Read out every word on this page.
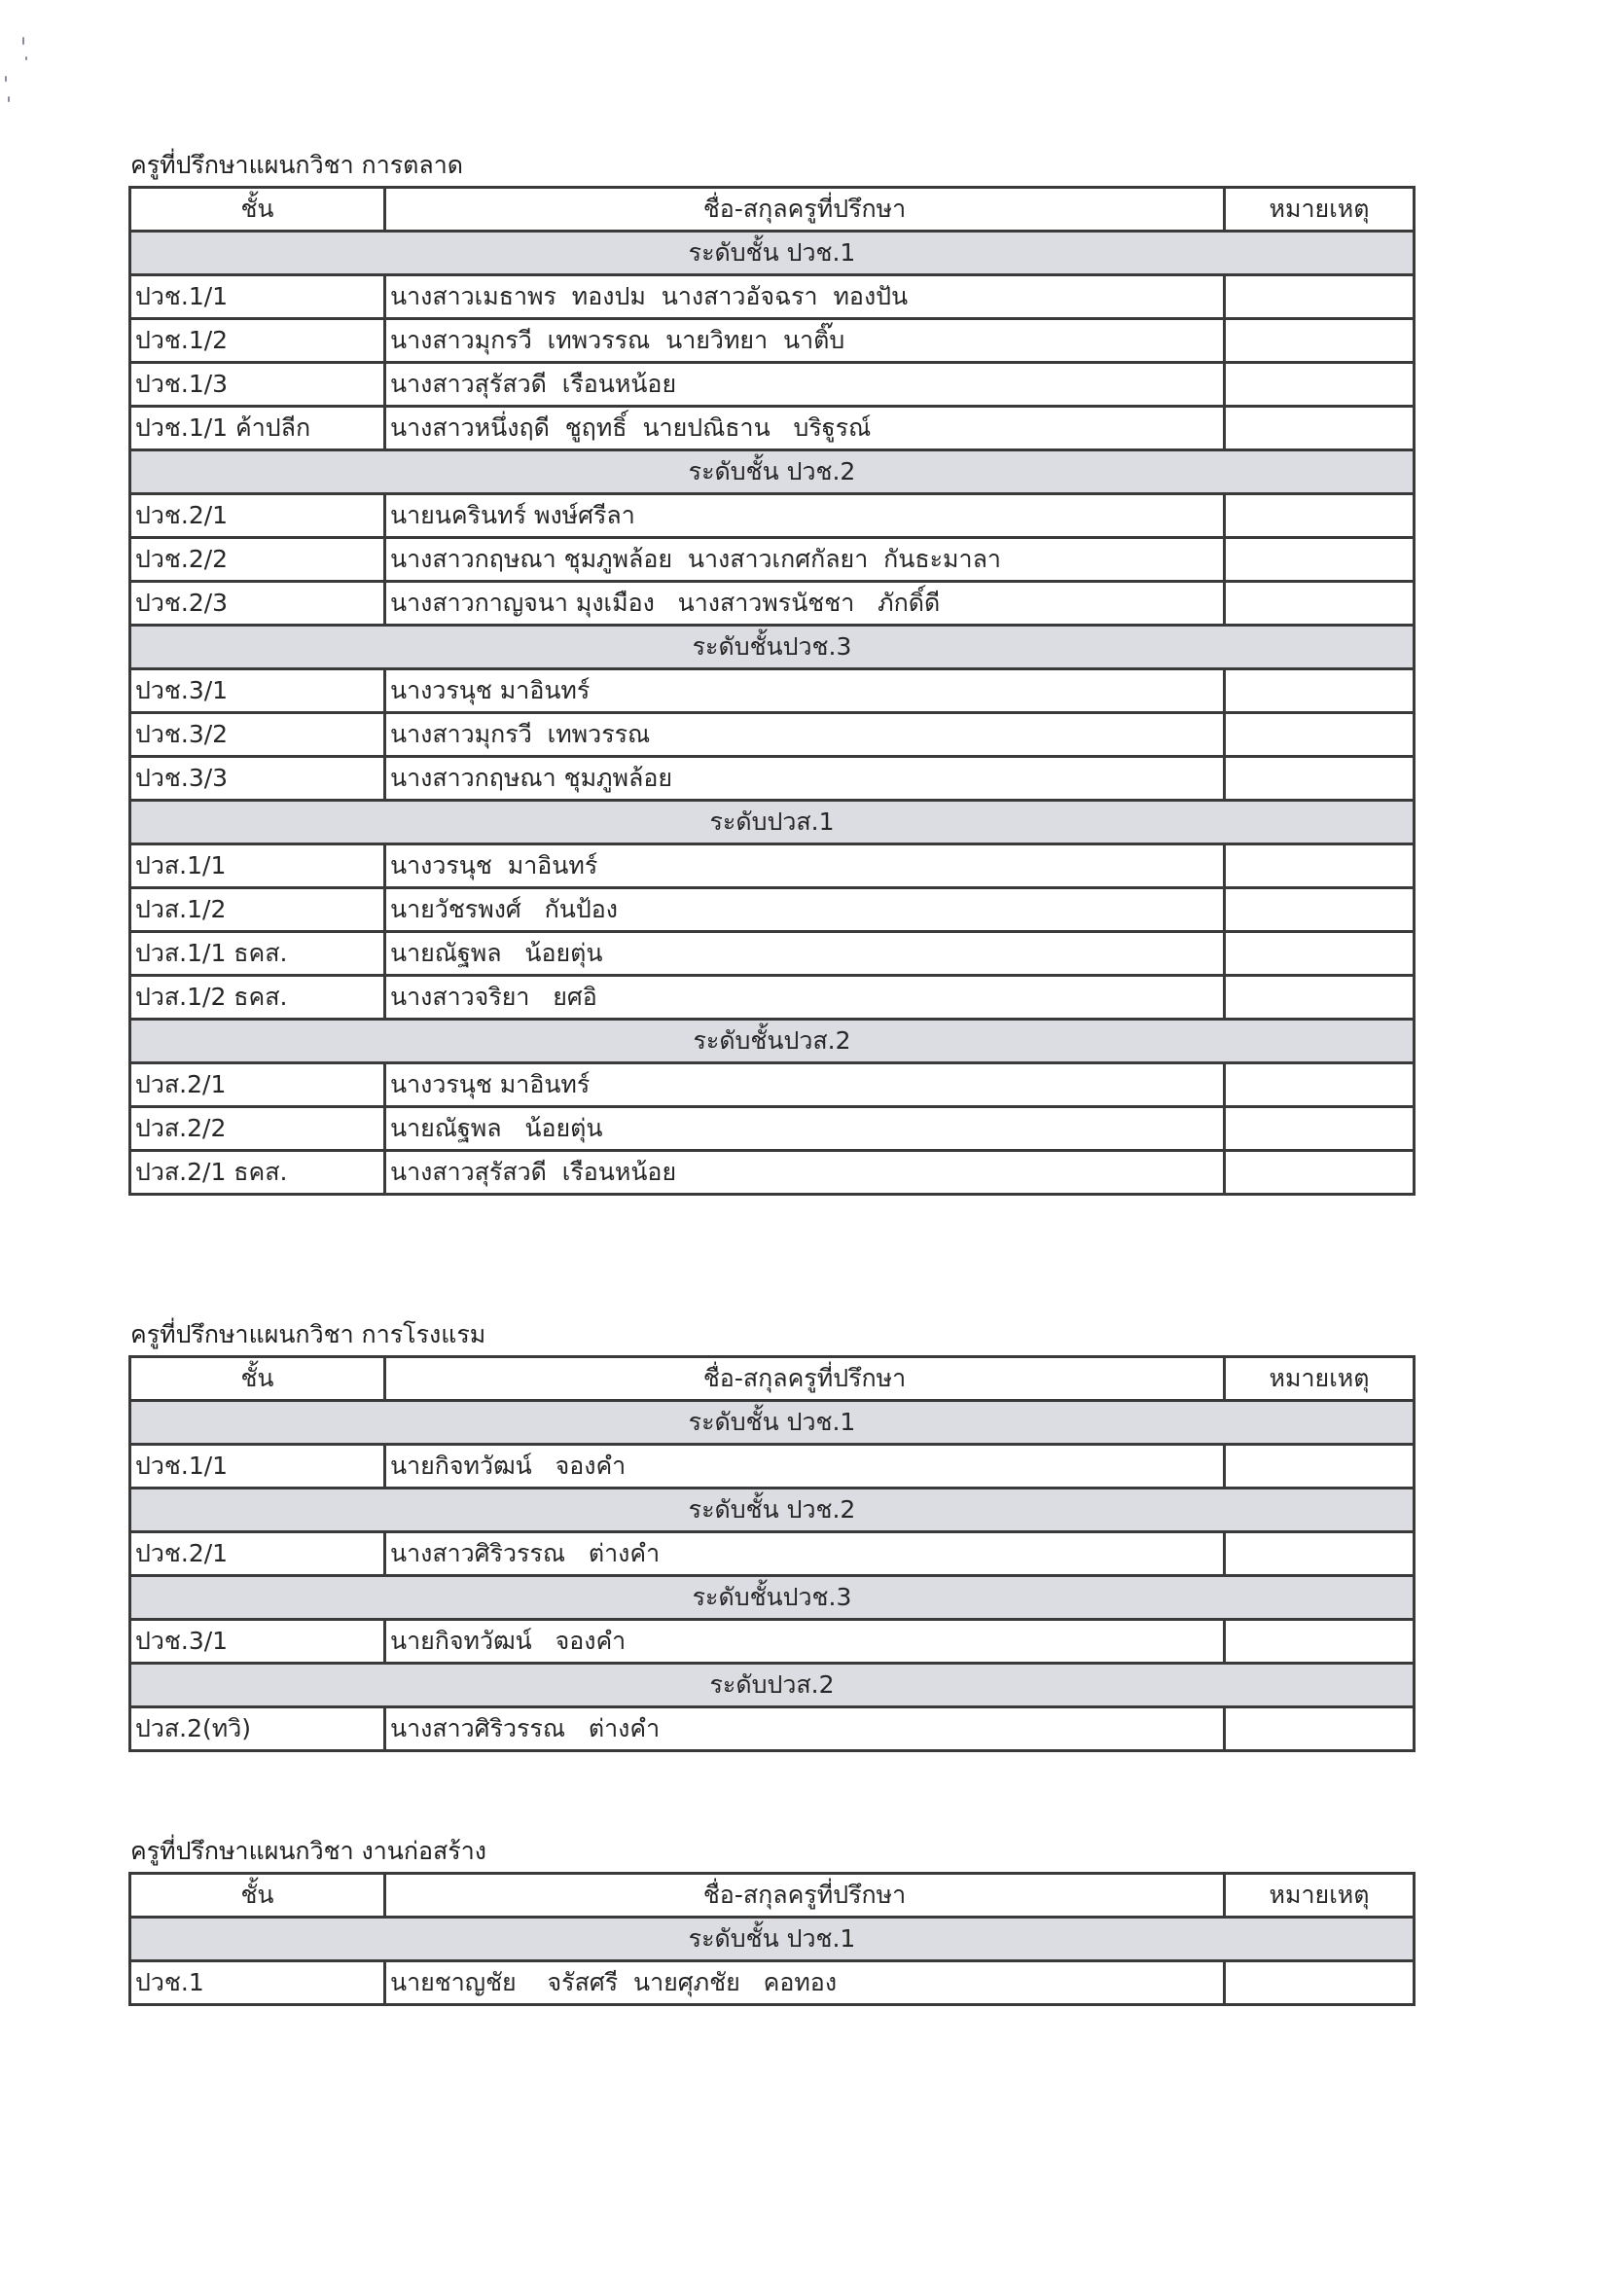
ครูที่ปรึกษาแผนกวิชา การตลาด
ชั้น	ชื่อ-สกุลครูที่ปรึกษา	หมายเหตุ
ระดับชั้น ปวช.1		
ปวช.1/1	นางสาวเมธาพร  ทองปม  นางสาวอัจฉรา  ทองปัน	
ปวช.1/2	นางสาวมุกรวี  เทพวรรณ  นายวิทยา  นาติ๊บ	
ปวช.1/3	นางสาวสุรัสวดี  เรือนหน้อย	
ปวช.1/1 ค้าปลีก	นางสาวหนึ่งฤดี  ชูฤทธิ์  นายปณิธาน   บริฐูรณ์	
ระดับชั้น ปวช.2		
ปวช.2/1	นายนครินทร์ พงษ์ศรีลา	
ปวช.2/2	นางสาวกฤษณา ชุมภูพล้อย  นางสาวเกศกัลยา  กันธะมาลา	
ปวช.2/3	นางสาวกาญจนา มุงเมือง   นางสาวพรนัชชา   ภักดิ์ดี	
ระดับชั้นปวช.3		
ปวช.3/1	นางวรนุช มาอินทร์	
ปวช.3/2	นางสาวมุกรวี  เทพวรรณ	
ปวช.3/3	นางสาวกฤษณา ชุมภูพล้อย	
ระดับปวส.1		
ปวส.1/1	นางวรนุช  มาอินทร์	
ปวส.1/2	นายวัชรพงศ์   กันป้อง	
ปวส.1/1 ธคส.	นายณัฐพล   น้อยตุ่น	
ปวส.1/2 ธคส.	นางสาวจริยา   ยศอิ	
ระดับชั้นปวส.2		
ปวส.2/1	นางวรนุช มาอินทร์	
ปวส.2/2	นายณัฐพล   น้อยตุ่น	
ปวส.2/1 ธคส.	นางสาวสุรัสวดี  เรือนหน้อย	
ครูที่ปรึกษาแผนกวิชา การโรงแรม
ชั้น	ชื่อ-สกุลครูที่ปรึกษา	หมายเหตุ
ระดับชั้น ปวช.1		
ปวช.1/1	นายกิจทวัฒน์   จองคำ	
ระดับชั้น ปวช.2		
ปวช.2/1	นางสาวศิริวรรณ   ต่างคำ	
ระดับชั้นปวช.3		
ปวช.3/1	นายกิจทวัฒน์   จองคำ	
ระดับปวส.2		
ปวส.2(ทวิ)	นางสาวศิริวรรณ   ต่างคำ	
ครูที่ปรึกษาแผนกวิชา งานก่อสร้าง
ชั้น	ชื่อ-สกุลครูที่ปรึกษา	หมายเหตุ
ระดับชั้น ปวช.1		
ปวช.1	นายชาญชัย    จรัสศรี  นายศุภชัย   คอทอง	
